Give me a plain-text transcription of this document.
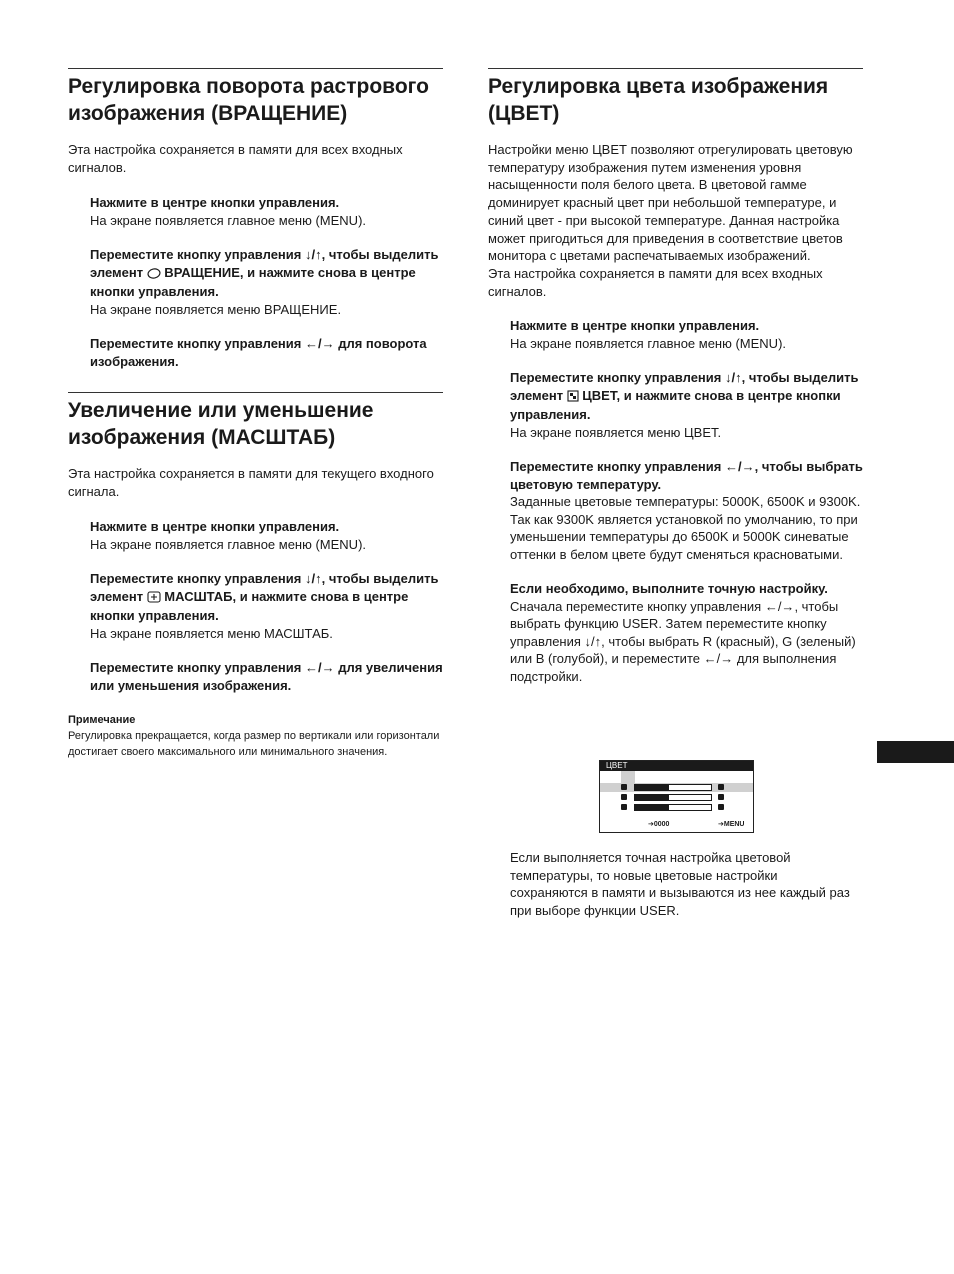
Регулировка поворота растрового изображения (ВРАЩЕНИЕ)

Эта настройка сохраняется в памяти для всех входных сигналов.

Нажмите в центре кнопки управления.
На экране появляется главное меню (MENU).
Переместите кнопку управления ↓/↑, чтобы выделить элемент  ВРАЩЕНИЕ, и нажмите снова в центре кнопки управления.
На экране появляется меню ВРАЩЕНИЕ.
Переместите кнопку управления ←/→ для поворота изображения.
Увеличение или уменьшение изображения (МАСШТАБ)

Эта настройка сохраняется в памяти для текущего входного сигнала.

Нажмите в центре кнопки управления.
На экране появляется главное меню (MENU).
Переместите кнопку управления ↓/↑, чтобы выделить элемент  МАСШТАБ, и нажмите снова в центре кнопки управления.
На экране появляется меню МАСШТАБ.
Переместите кнопку управления ←/→ для увеличения или уменьшения изображения.

Примечание

Регулировка прекращается, когда размер по вертикали или горизонтали достигает своего максимального или минимального значения.

Регулировка цвета изображения (ЦВЕТ)

Настройки меню ЦВЕТ позволяют отрегулировать цветовую температуру изображения путем изменения уровня насыщенности поля белого цвета. В цветовой гамме доминирует красный цвет при небольшой температуре, и синий цвет - при высокой температуре. Данная настройка может пригодиться для приведения в соответствие цветов монитора с цветами распечатываемых изображений.

Эта настройка сохраняется в памяти для всех входных сигналов.

Нажмите в центре кнопки управления.
На экране появляется главное меню (MENU).
Переместите кнопку управления ↓/↑, чтобы выделить элемент  ЦВЕТ, и нажмите снова в центре кнопки управления.
На экране появляется меню ЦВЕТ.
Переместите кнопку управления ←/→, чтобы выбрать цветовую температуру.
Заданные цветовые температуры: 5000K, 6500K и 9300K. Так как 9300K является установкой по умолчанию, то при уменьшении температуры до 6500K и 5000K синеватые оттенки в белом цвете будут сменяться красноватыми.
Если необходимо, выполните точную настройку.
Сначала переместите кнопку управления ←/→, чтобы выбрать функцию USER. Затем переместите кнопку управления ↓/↑, чтобы выбрать R (красный), G (зеленый) или B (голубой), и переместите ←/→ для выполнения подстройки.
ЦВЕТ
➔0000	➔MENU

Если выполняется точная настройка цветовой температуры, то новые цветовые настройки сохраняются в памяти и вызываются из нее каждый раз при выборе функции USER.
